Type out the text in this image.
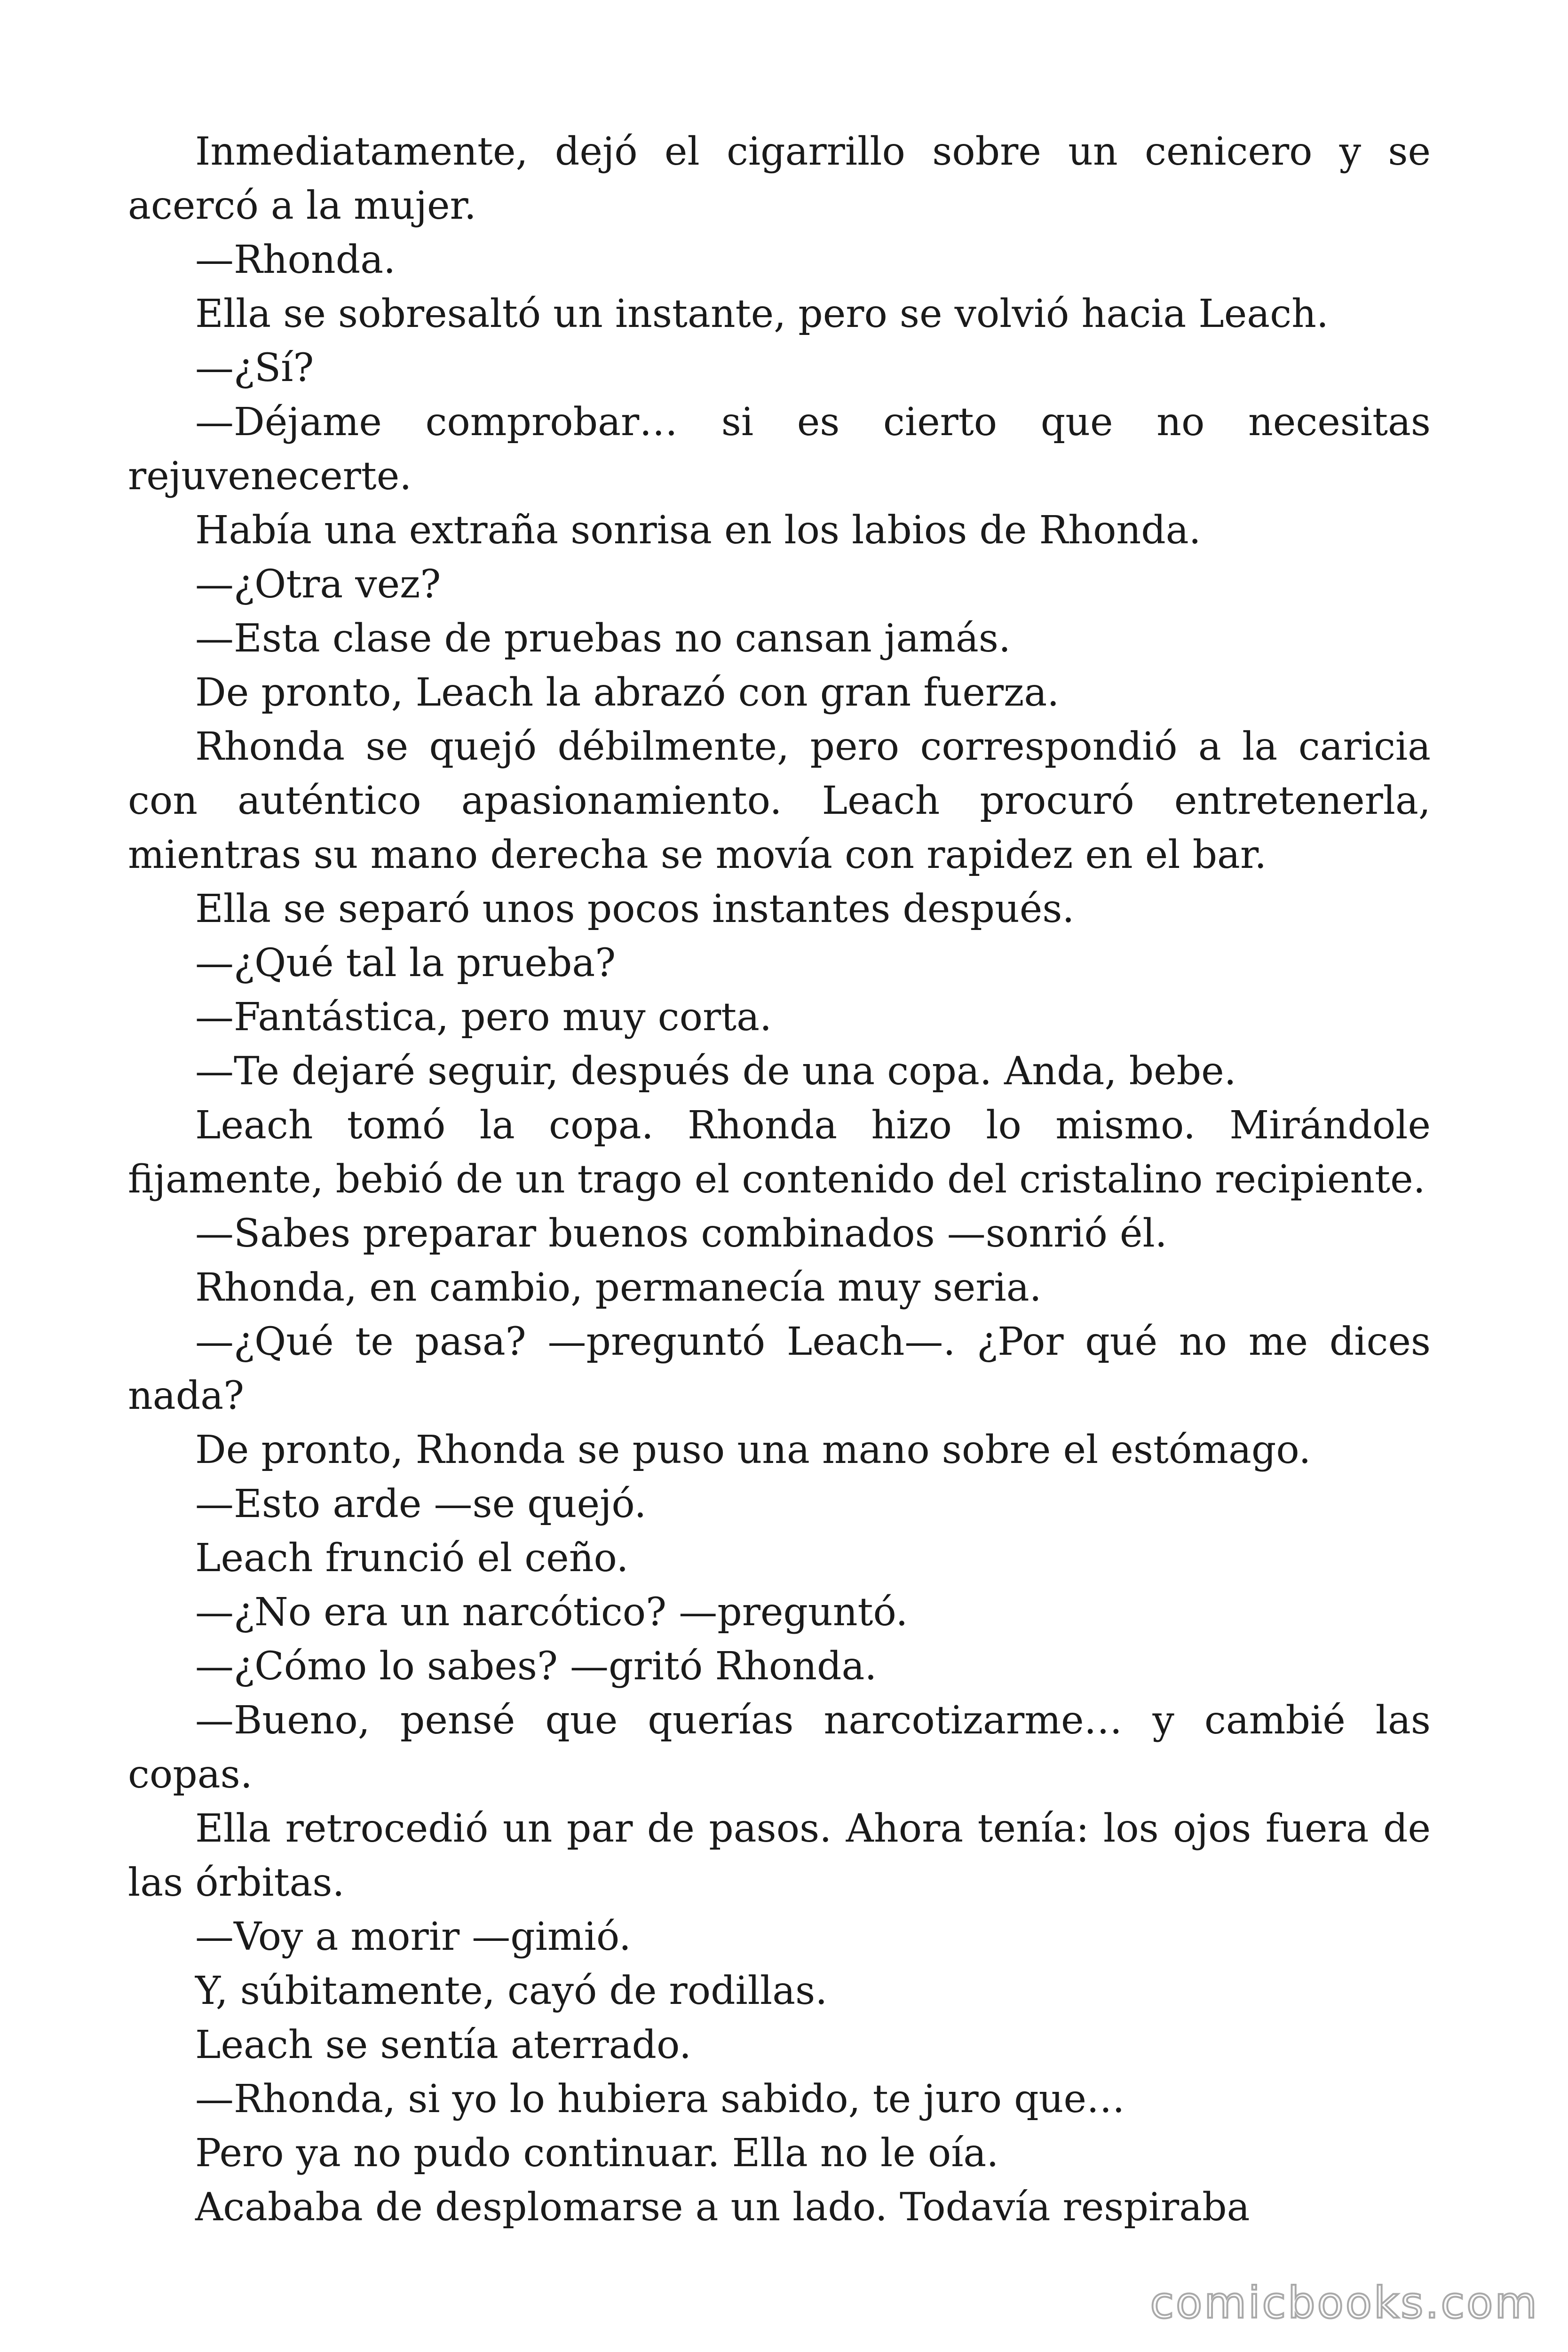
Inmediatamente, dejó el cigarrillo sobre un cenicero y se acercó a la mujer.

—Rhonda.

Ella se sobresaltó un instante, pero se volvió hacia Leach.

—¿Sí?

—Déjame comprobar… si es cierto que no necesitas rejuvenecerte.

Había una extraña sonrisa en los labios de Rhonda.

—¿Otra vez?

—Esta clase de pruebas no cansan jamás.

De pronto, Leach la abrazó con gran fuerza.

Rhonda se quejó débilmente, pero correspondió a la caricia con auténtico apasionamiento. Leach procuró entretenerla, mientras su mano derecha se movía con rapidez en el bar.

Ella se separó unos pocos instantes después.

—¿Qué tal la prueba?

—Fantástica, pero muy corta.

—Te dejaré seguir, después de una copa. Anda, bebe.

Leach tomó la copa. Rhonda hizo lo mismo. Mirándole fijamente, bebió de un trago el contenido del cristalino recipiente.

—Sabes preparar buenos combinados —sonrió él.

Rhonda, en cambio, permanecía muy seria.

—¿Qué te pasa? —preguntó Leach—. ¿Por qué no me dices nada?

De pronto, Rhonda se puso una mano sobre el estómago.

—Esto arde —se quejó.

Leach frunció el ceño.

—¿No era un narcótico? —preguntó.

—¿Cómo lo sabes? —gritó Rhonda.

—Bueno, pensé que querías narcotizarme… y cambié las copas.

Ella retrocedió un par de pasos. Ahora tenía: los ojos fuera de las órbitas.

—Voy a morir —gimió.

Y, súbitamente, cayó de rodillas.

Leach se sentía aterrado.

—Rhonda, si yo lo hubiera sabido, te juro que…

Pero ya no pudo continuar. Ella no le oía.

Acababa de desplomarse a un lado. Todavía respiraba

comicbooks.com
